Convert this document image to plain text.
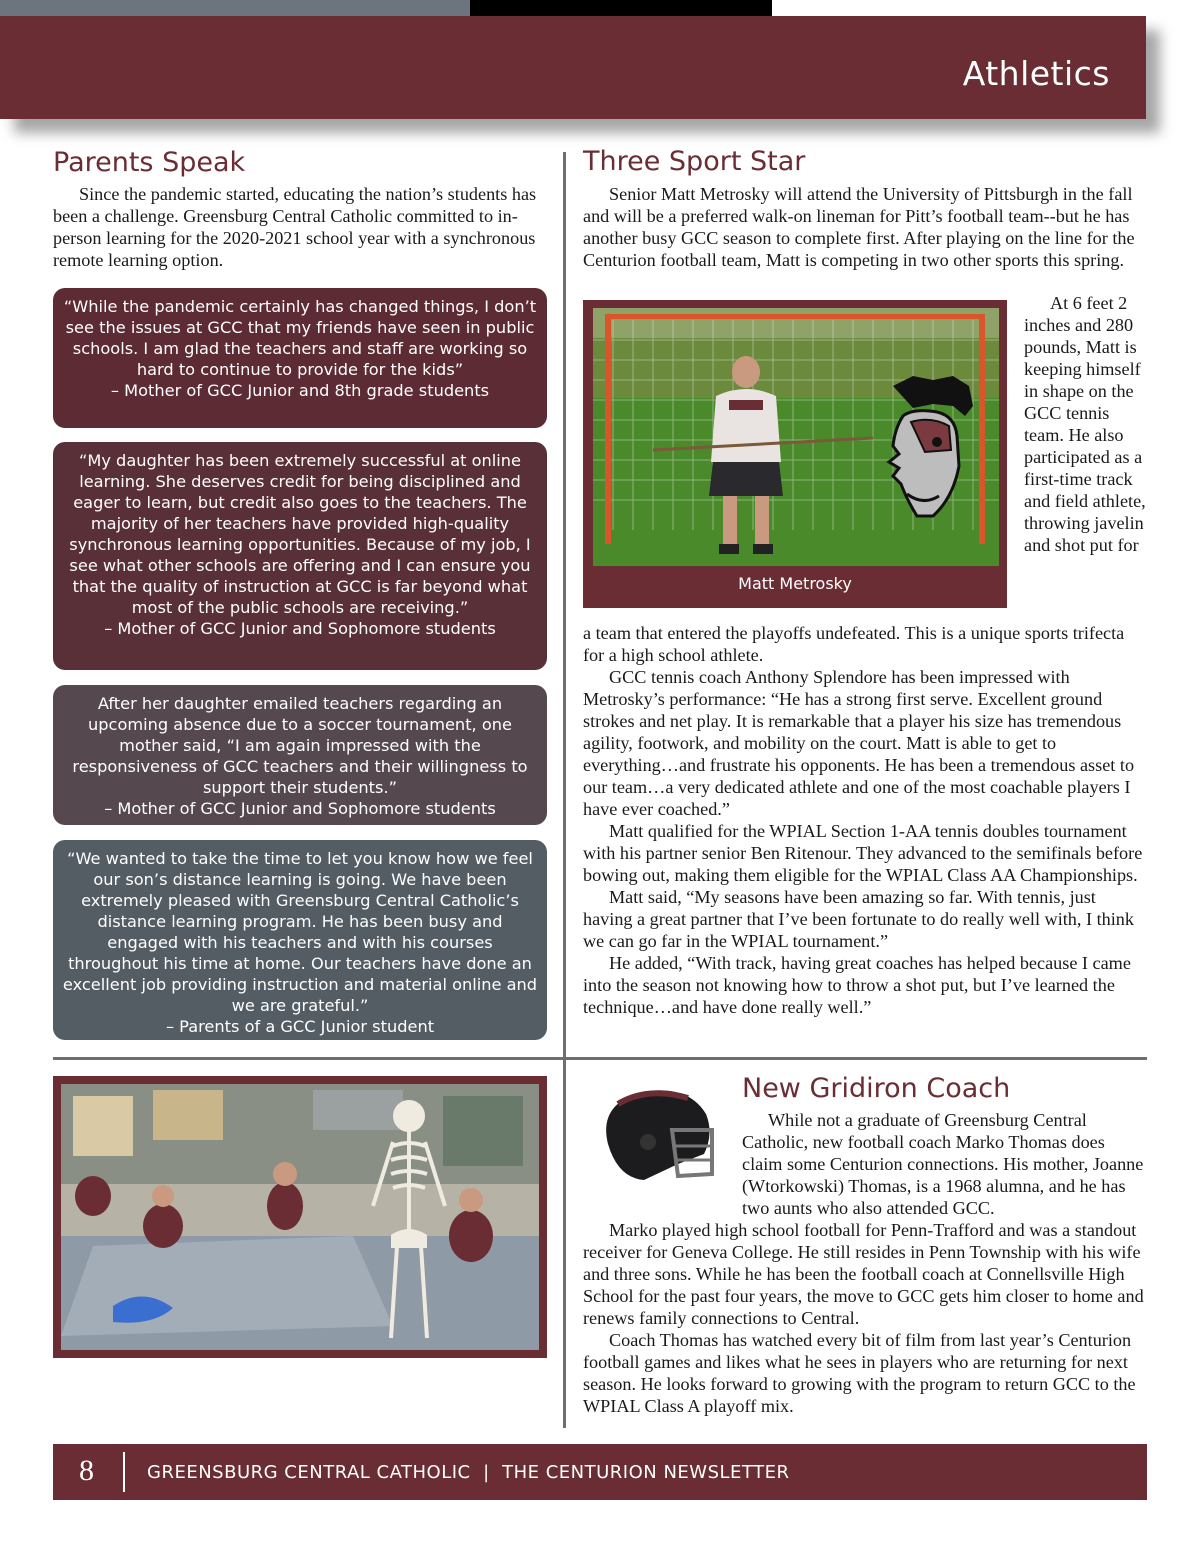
Athletics
Parents Speak

Since the pandemic started, educating the nation’s students has been a challenge. Greensburg Central Catholic committed to in-person learning for the 2020-2021 school year with a synchronous remote learning option.

“While the pandemic certainly has changed things, I don’t see the issues at GCC that my friends have seen in public schools. I am glad the teachers and staff are working so hard to continue to provide for the kids”
– Mother of GCC Junior and 8th grade students
“My daughter has been extremely successful at online learning. She deserves credit for being disciplined and eager to learn, but credit also goes to the teachers. The majority of her teachers have provided high-quality synchronous learning opportunities. Because of my job, I see what other schools are offering and I can ensure you that the quality of instruction at GCC is far beyond what most of the public schools are receiving.”
– Mother of GCC Junior and Sophomore students
After her daughter emailed teachers regarding an upcoming absence due to a soccer tournament, one mother said, “I am again impressed with the responsiveness of GCC teachers and their willingness to support their students.”
– Mother of GCC Junior and Sophomore students
“We wanted to take the time to let you know how we feel our son’s distance learning is going. We have been extremely pleased with Greensburg Central Catholic’s distance learning program. He has been busy and engaged with his teachers and with his courses throughout his time at home. Our teachers have done an excellent job providing instruction and material online and we are grateful.”
– Parents of a GCC Junior student
Three Sport Star

Senior Matt Metrosky will attend the University of Pittsburgh in the fall and will be a preferred walk-on lineman for Pitt’s football team--but he has another busy GCC season to complete first. After playing on the line for the Centurion football team, Matt is competing in two other sports this spring.

Matt Metrosky

At 6 feet 2 inches and 280 pounds, Matt is keeping himself in shape on the GCC tennis team. He also participated as a first-time track and field athlete, throwing javelin and shot put for

a team that entered the playoffs undefeated. This is a unique sports trifecta for a high school athlete.

GCC tennis coach Anthony Splendore has been impressed with Metrosky’s performance: “He has a strong first serve. Excellent ground strokes and net play. It is remarkable that a player his size has tremendous agility, footwork, and mobility on the court. Matt is able to get to everything…and frustrate his opponents. He has been a tremendous asset to our team…a very dedicated athlete and one of the most coachable players I have ever coached.”

Matt qualified for the WPIAL Section 1-AA tennis doubles tournament with his partner senior Ben Ritenour. They advanced to the semifinals before bowing out, making them eligible for the WPIAL Class AA Championships.

Matt said, “My seasons have been amazing so far. With tennis, just having a great partner that I’ve been fortunate to do really well with, I think we can go far in the WPIAL tournament.”

He added, “With track, having great coaches has helped because I came into the season not knowing how to throw a shot put, but I’ve learned the technique…and have done really well.”

New Gridiron Coach

While not a graduate of Greensburg Central Catholic, new football coach Marko Thomas does claim some Centurion connections. His mother, Joanne (Wtorkowski) Thomas, is a 1968 alumna, and he has two aunts who also attended GCC.

Marko played high school football for Penn-Trafford and was a standout receiver for Geneva College. He still resides in Penn Township with his wife and three sons. While he has been the football coach at Connellsville High School for the past four years, the move to GCC gets him closer to home and renews family connections to Central.

Coach Thomas has watched every bit of film from last year’s Centurion football games and likes what he sees in players who are returning for next season. He looks forward to growing with the program to return GCC to the WPIAL Class A playoff mix.

8	GREENSBURG CENTRAL CATHOLIC  |  THE CENTURION NEWSLETTER
